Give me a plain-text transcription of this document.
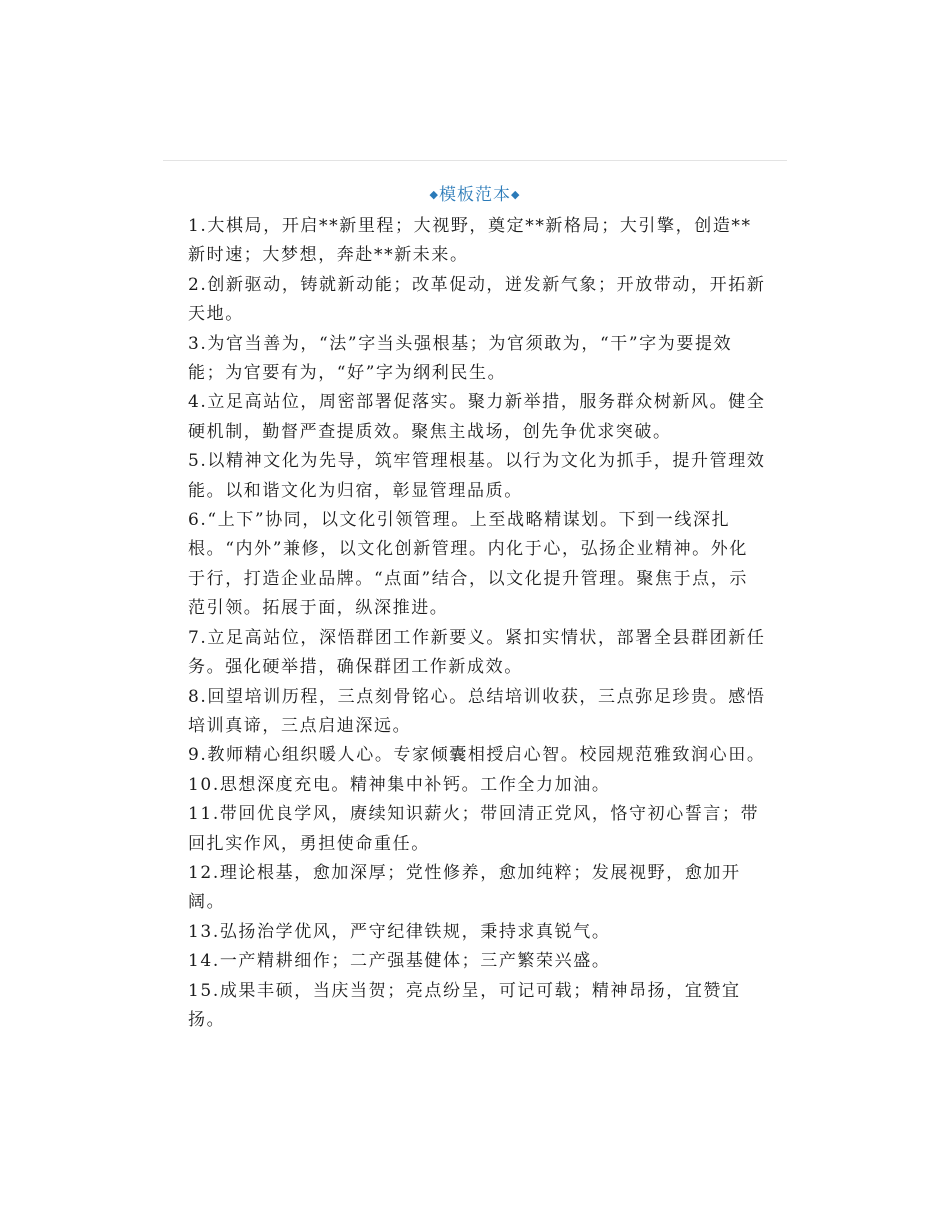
◆模板范本◆

1.大棋局，开启**新里程；大视野，奠定**新格局；大引擎，创造**新时速；大梦想，奔赴**新未来。

2.创新驱动，铸就新动能；改革促动，迸发新气象；开放带动，开拓新天地。

3.为官当善为，“法”字当头强根基；为官须敢为，“干”字为要提效能；为官要有为，“好”字为纲利民生。

4.立足高站位，周密部署促落实。聚力新举措，服务群众树新风。健全硬机制，勤督严查提质效。聚焦主战场，创先争优求突破。

5.以精神文化为先导，筑牢管理根基。以行为文化为抓手，提升管理效能。以和谐文化为归宿，彰显管理品质。

6.“上下”协同，以文化引领管理。上至战略精谋划。下到一线深扎根。“内外”兼修，以文化创新管理。内化于心，弘扬企业精神。外化于行，打造企业品牌。“点面”结合，以文化提升管理。聚焦于点，示范引领。拓展于面，纵深推进。

7.立足高站位，深悟群团工作新要义。紧扣实情状，部署全县群团新任务。强化硬举措，确保群团工作新成效。

8.回望培训历程，三点刻骨铭心。总结培训收获，三点弥足珍贵。感悟培训真谛，三点启迪深远。

9.教师精心组织暖人心。专家倾囊相授启心智。校园规范雅致润心田。

10.思想深度充电。精神集中补钙。工作全力加油。

11.带回优良学风，赓续知识薪火；带回清正党风，恪守初心誓言；带回扎实作风，勇担使命重任。

12.理论根基，愈加深厚；党性修养，愈加纯粹；发展视野，愈加开阔。

13.弘扬治学优风，严守纪律铁规，秉持求真锐气。

14.一产精耕细作；二产强基健体；三产繁荣兴盛。

15.成果丰硕，当庆当贺；亮点纷呈，可记可载；精神昂扬，宜赞宜扬。
